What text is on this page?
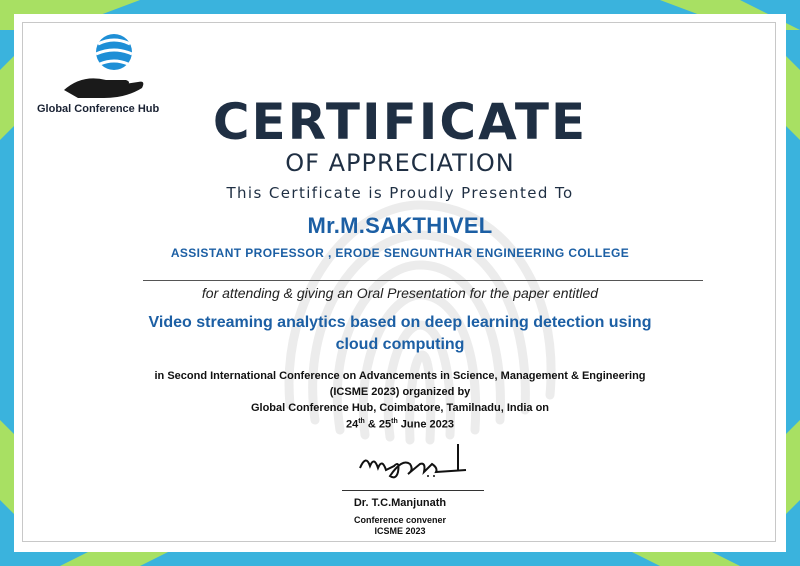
Global Conference Hub	CERTIFICATE
OF APPRECIATION
This Certificate is Proudly Presented To
Mr.M.SAKTHIVEL
ASSISTANT PROFESSOR , ERODE SENGUNTHAR ENGINEERING COLLEGE
for attending & giving an Oral Presentation for the paper entitled
Video streaming analytics based on deep learning detection using
cloud computing
in Second International Conference on Advancements in Science, Management & Engineering
(ICSME 2023) organized by
Global Conference Hub, Coimbatore, Tamilnadu, India on
24th & 25th June 2023
Dr. T.C.Manjunath
Conference convener
ICSME 2023
